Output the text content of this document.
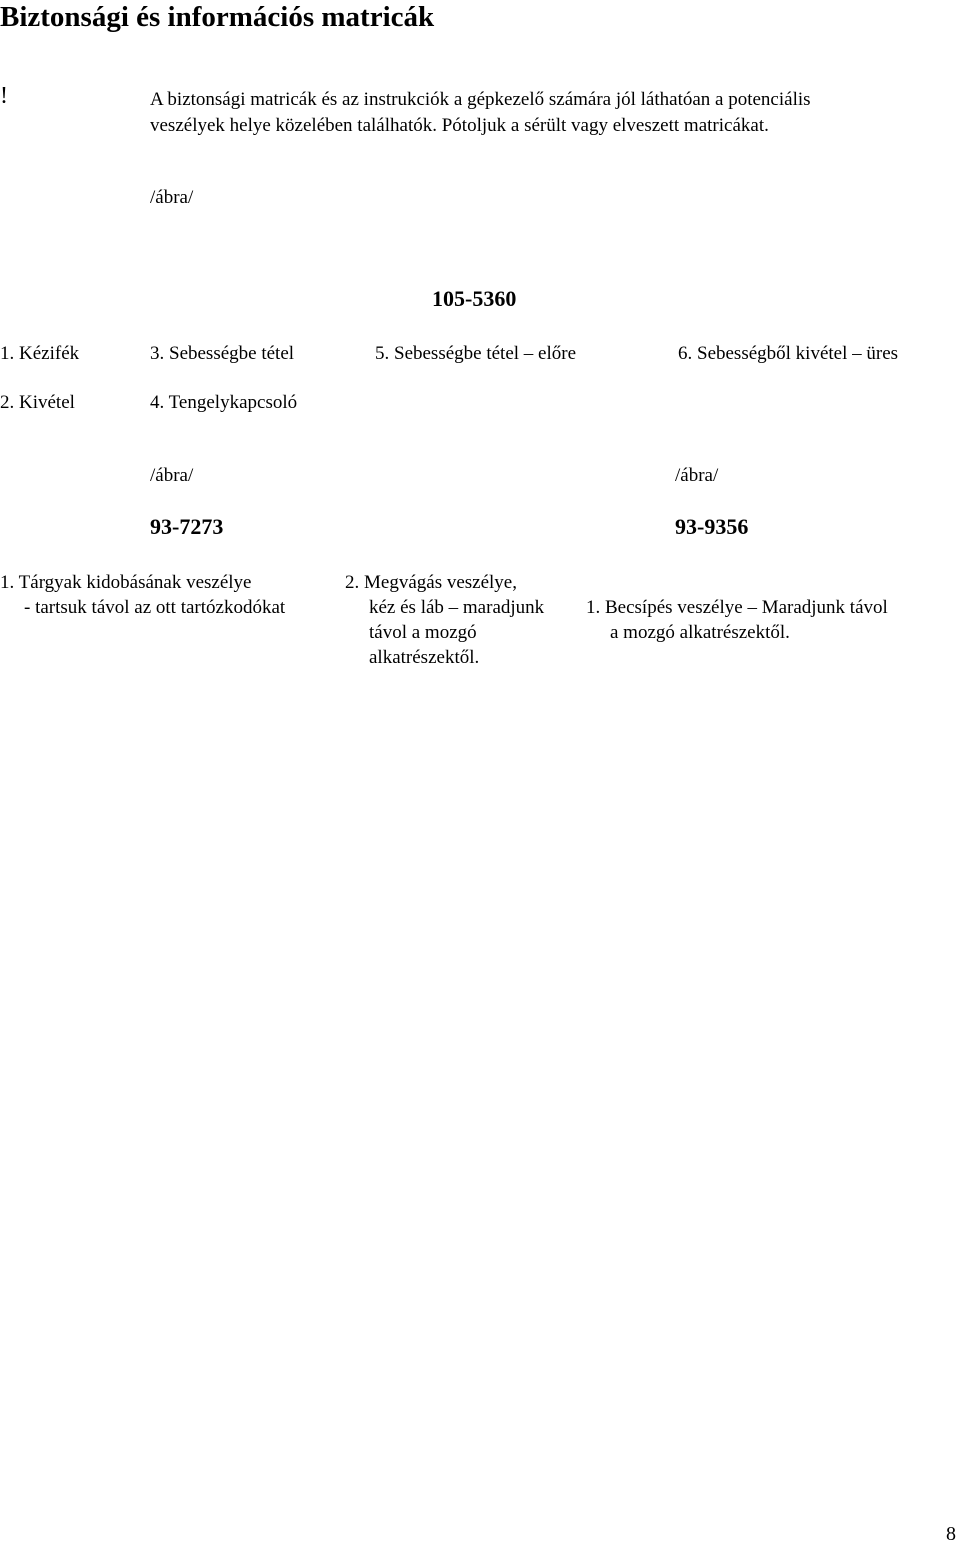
Biztonsági és információs matricák
!	A biztonsági matricák és az instrukciók a gépkezelő számára jól láthatóan a potenciális
veszélyek helye közelében találhatók. Pótoljuk a sérült vagy elveszett matricákat.
/ábra/
105-5360
1. Kézifék	3. Sebességbe tétel	5. Sebességbe tétel – előre	6. Sebességből kivétel – üres
2. Kivétel	4. Tengelykapcsoló
/ábra/	/ábra/
93-7273	93-9356
1. Tárgyak kidobásának veszélye
- tartsuk távol az ott tartózkodókat
2. Megvágás veszélye,
kéz és láb – maradjunk
távol a mozgó
alkatrészektől.
1. Becsípés veszélye – Maradjunk távol
a mozgó alkatrészektől.
8
